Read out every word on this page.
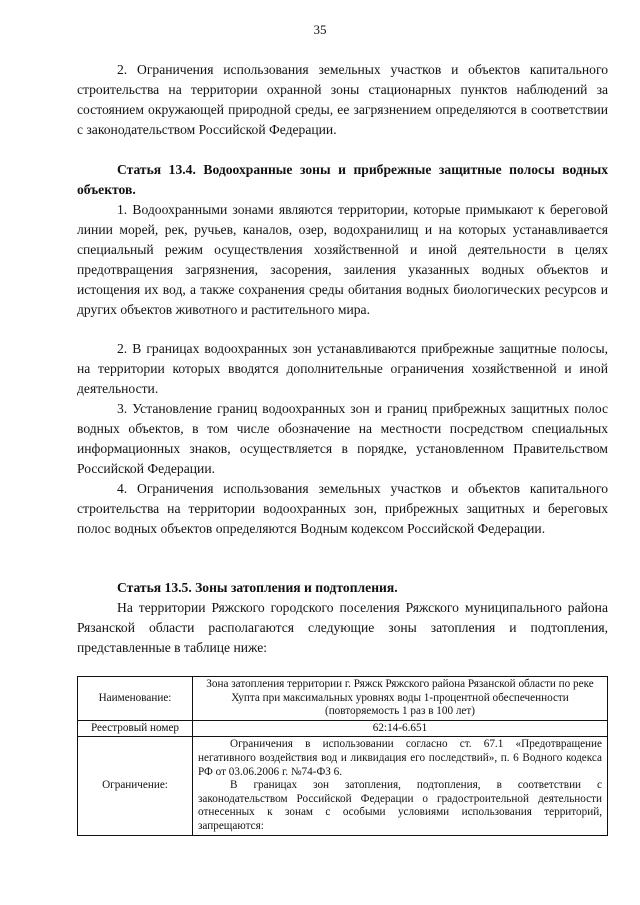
35

2. Ограничения использования земельных участков и объектов капитального строительства на территории охранной зоны стационарных пунктов наблюдений за состоянием окружающей природной среды, ее загрязнением определяются в соответствии с законодательством Российской Федерации.

Статья 13.4. Водоохранные зоны и прибрежные защитные полосы водных объектов.

1. Водоохранными зонами являются территории, которые примыкают к береговой линии морей, рек, ручьев, каналов, озер, водохранилищ и на которых устанавливается специальный режим осуществления хозяйственной и иной деятельности в целях предотвращения загрязнения, засорения, заиления указанных водных объектов и истощения их вод, а также сохранения среды обитания водных биологических ресурсов и других объектов животного и растительного мира.

2. В границах водоохранных зон устанавливаются прибрежные защитные полосы, на территории которых вводятся дополнительные ограничения хозяйственной и иной деятельности.

3. Установление границ водоохранных зон и границ прибрежных защитных полос водных объектов, в том числе обозначение на местности посредством специальных информационных знаков, осуществляется в порядке, установленном Правительством Российской Федерации.

4. Ограничения использования земельных участков и объектов капитального строительства на территории водоохранных зон, прибрежных защитных и береговых полос водных объектов определяются Водным кодексом Российской Федерации.

Статья 13.5. Зоны затопления и подтопления.

На территории Ряжского городского поселения Ряжского муниципального района Рязанской области располагаются следующие зоны затопления и подтопления, представленные в таблице ниже:

Наименование:	Зона затопления территории г. Ряжск Ряжского района Рязанской области по реке Хупта при максимальных уровнях воды 1-процентной обеспеченности (повторяемость 1 раз в 100 лет)
Реестровый номер	62:14-6.651
Ограничение:	Ограничения в использовании согласно ст. 67.1 «Предотвращение негативного воздействия вод и ликвидация его последствий», п. 6 Водного кодекса РФ от 03.06.2006 г. №74-ФЗ 6.

В границах зон затопления, подтопления, в соответствии с законодательством Российской Федерации о градостроительной деятельности отнесенных к зонам с особыми условиями использования территорий, запрещаются:
